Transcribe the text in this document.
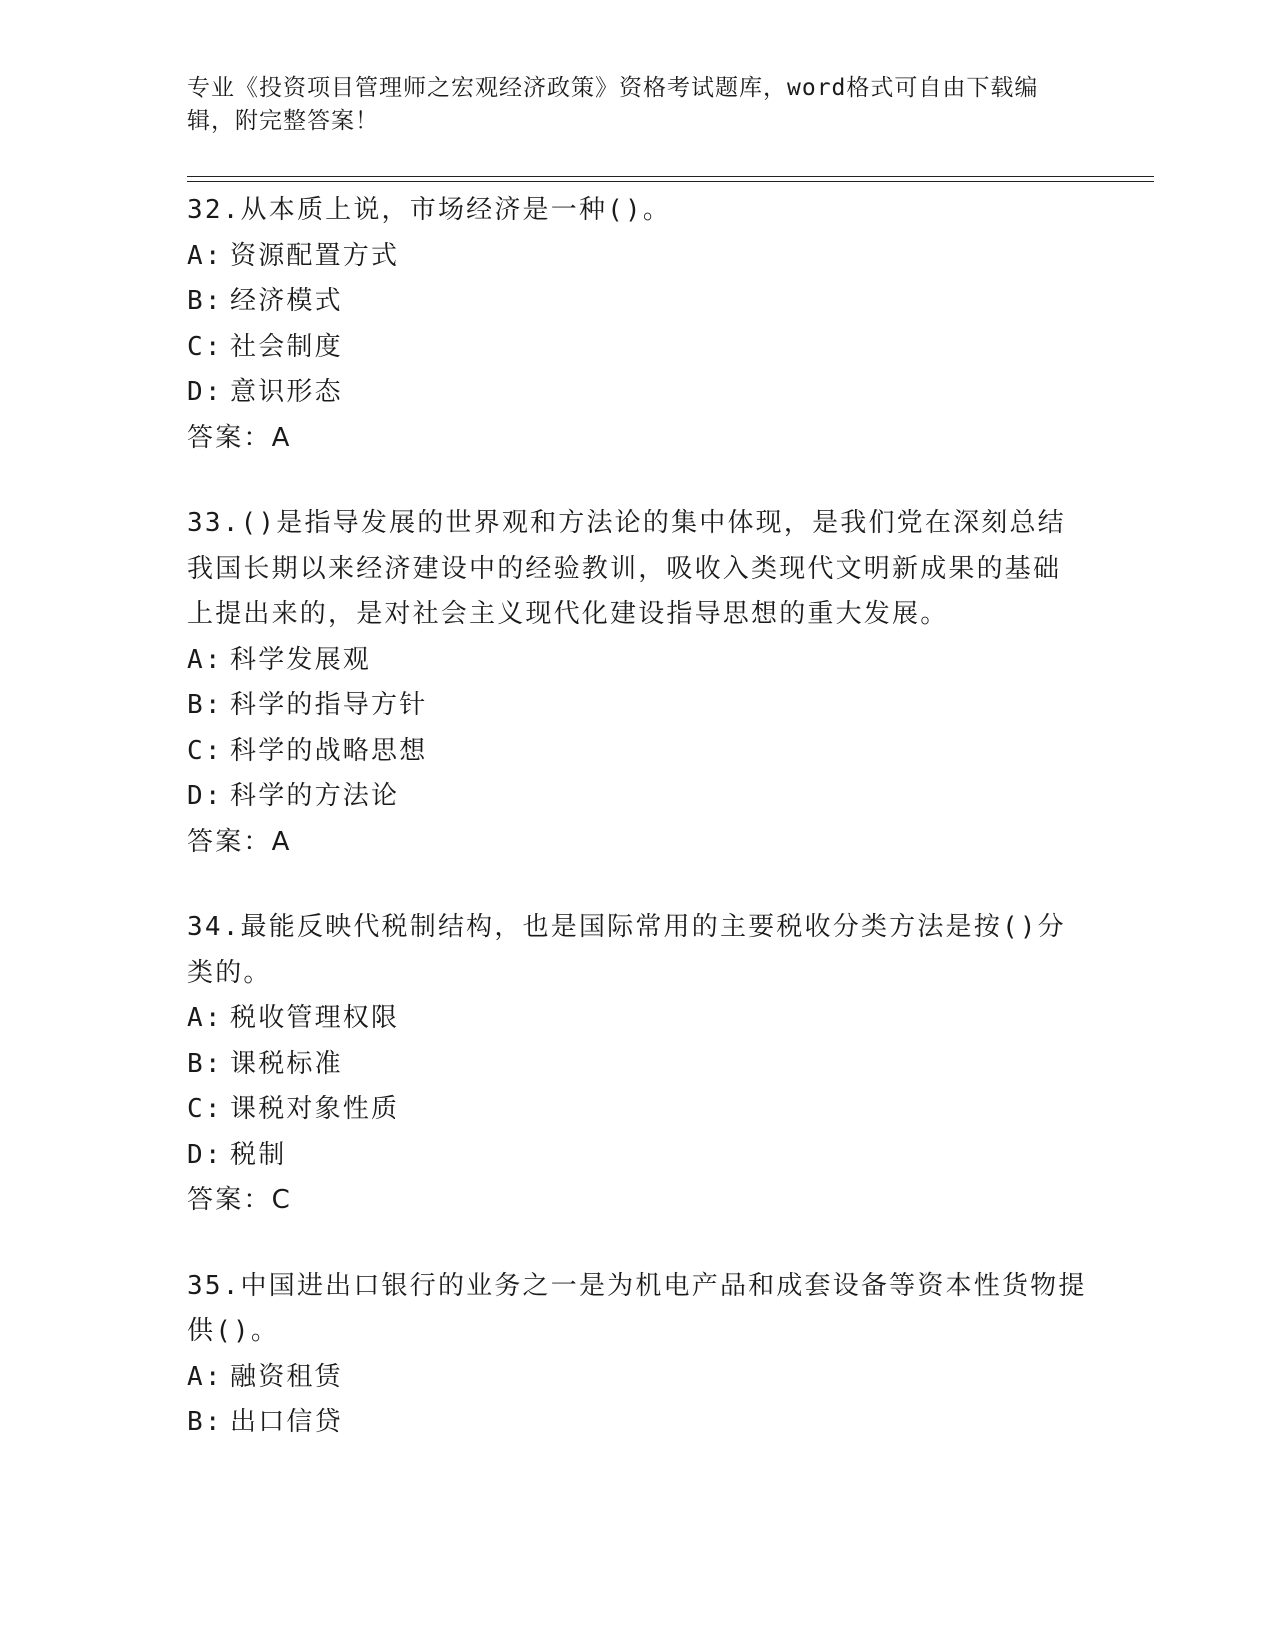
专业《投资项目管理师之宏观经济政策》资格考试题库，word格式可自由下载编辑，附完整答案！

32.从本质上说，市场经济是一种()。

A: 资源配置方式

B: 经济模式

C: 社会制度

D: 意识形态

答案：A

33.()是指导发展的世界观和方法论的集中体现，是我们党在深刻总结我国长期以来经济建设中的经验教训，吸收入类现代文明新成果的基础上提出来的，是对社会主义现代化建设指导思想的重大发展。

A: 科学发展观

B: 科学的指导方针

C: 科学的战略思想

D: 科学的方法论

答案：A

34.最能反映代税制结构，也是国际常用的主要税收分类方法是按()分类的。

A: 税收管理权限

B: 课税标准

C: 课税对象性质

D: 税制

答案：C

35.中国进出口银行的业务之一是为机电产品和成套设备等资本性货物提供()。

A: 融资租赁

B: 出口信贷
